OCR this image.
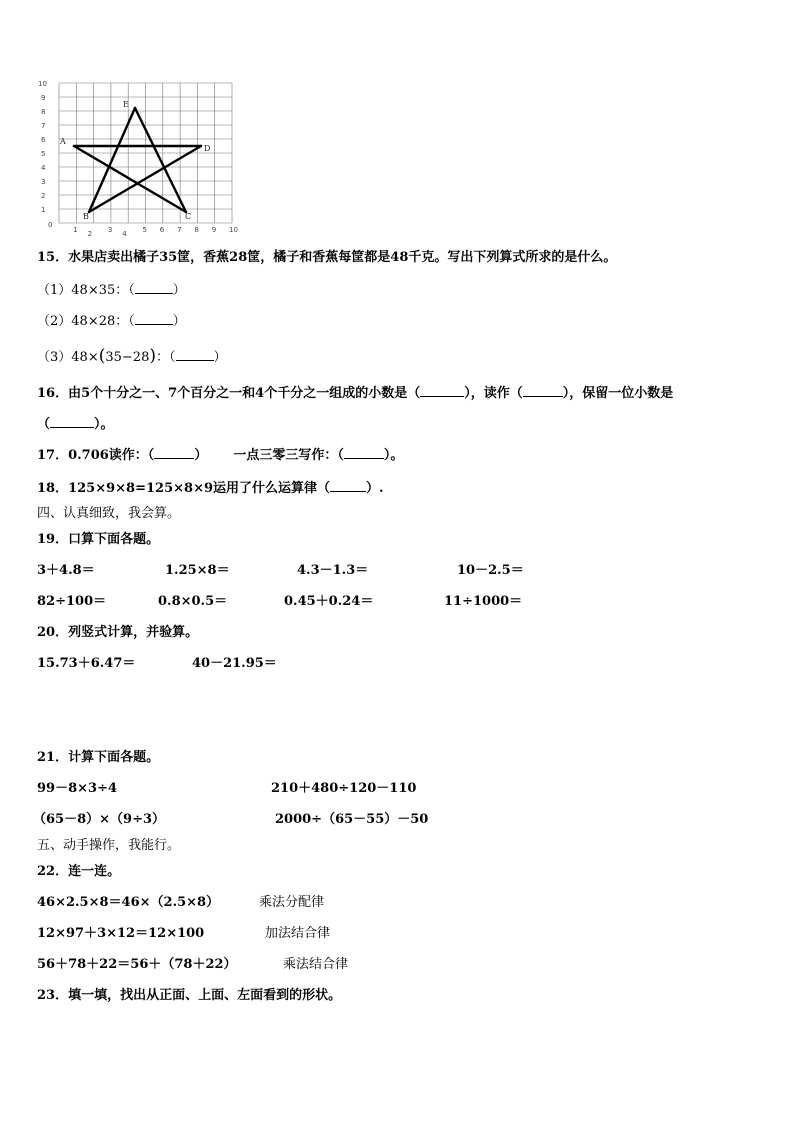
0
1 2 3 4 5 6 7 8 9 10
1
2
3
4
5
6
7
8
9
10
A
D
E
B	C
15．水果店卖出橘子35筐，香蕉28筐，橘子和香蕉每筐都是48千克。写出下列算式所求的是什么。
（1）48×35：（	）
（2）48×28：（	）
（3）48×(35−28)：（	）
16．由5个十分之一、7个百分之一和4个千分之一组成的小数是（	），读作（	），保留一位小数是
（	）。
17．0.706读作：（	） 一点三零三写作：（	）。
18．125×9×8=125×8×9运用了什么运算律（	）.
四、认真细致，我会算。
19．口算下面各题。
3＋4.8＝	1.25×8＝	4.3－1.3＝	10－2.5＝
82÷100＝	0.8×0.5＝	0.45＋0.24＝	11÷1000＝
20．列竖式计算，并验算。
15.73＋6.47＝	40－21.95＝
21．计算下面各题。
99－8×3÷4	210＋480÷120－110
（65－8）×（9÷3）	2000÷（65－55）－50
五、动手操作，我能行。
22．连一连。
46×2.5×8＝46×（2.5×8）	乘法分配律
12×97＋3×12＝12×100	加法结合律
56＋78＋22＝56＋（78＋22）	乘法结合律
23．填一填，找出从正面、上面、左面看到的形状。
